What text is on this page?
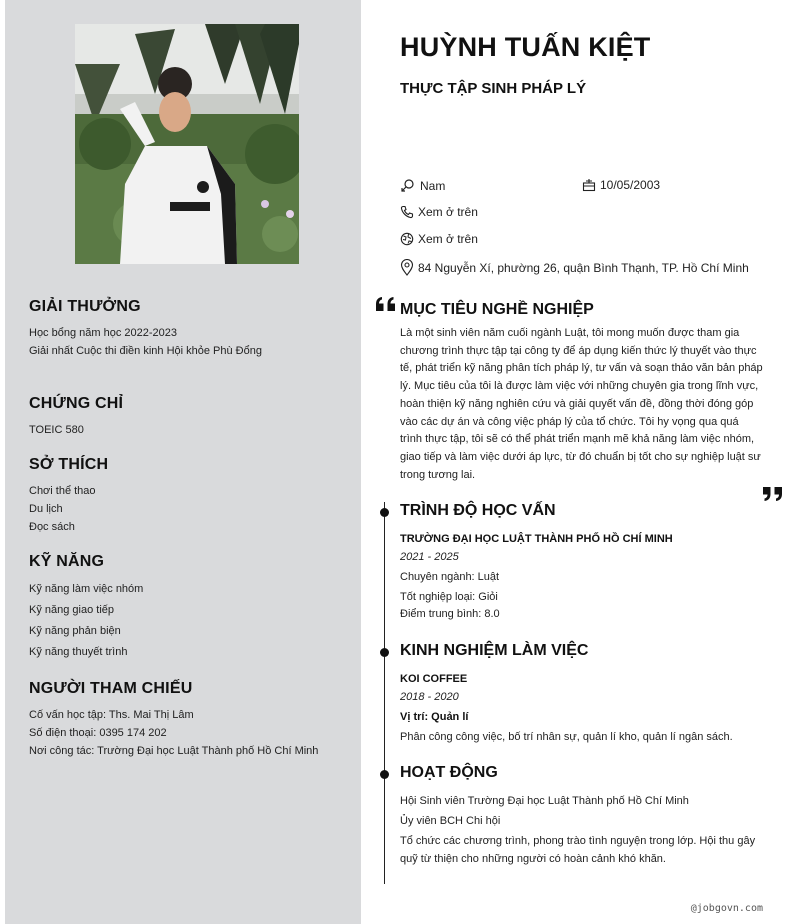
GIẢI THƯỞNG
Học bổng năm học 2022-2023
Giải nhất Cuộc thi điền kinh Hội khỏe Phù Đổng
CHỨNG CHỈ
TOEIC 580
SỞ THÍCH
Chơi thể thao
Du lịch
Đọc sách
KỸ NĂNG
Kỹ năng làm việc nhóm
Kỹ năng giao tiếp
Kỹ năng phản biện
Kỹ năng thuyết trình
NGƯỜI THAM CHIẾU
Cố vấn học tập: Ths. Mai Thị Lâm
Số điện thoại: 0395 174 202
Nơi công tác: Trường Đại học Luật Thành phố Hồ Chí Minh
HUỲNH TUẤN KIỆT
THỰC TẬP SINH PHÁP LÝ
Nam	10/05/2003
Xem ở trên
Xem ở trên
84 Nguyễn Xí, phường 26, quận Bình Thạnh, TP. Hồ Chí Minh
MỤC TIÊU NGHỀ NGHIỆP
Là một sinh viên năm cuối ngành Luật, tôi mong muốn được tham gia
chương trình thực tập tại công ty để áp dụng kiến thức lý thuyết vào thực
tế, phát triển kỹ năng phân tích pháp lý, tư vấn và soạn thảo văn bản pháp
lý. Mục tiêu của tôi là được làm việc với những chuyên gia trong lĩnh vực,
hoàn thiện kỹ năng nghiên cứu và giải quyết vấn đề, đồng thời đóng góp
vào các dự án và công việc pháp lý của tổ chức. Tôi hy vọng qua quá
trình thực tập, tôi sẽ có thể phát triển mạnh mẽ khả năng làm việc nhóm,
giao tiếp và làm việc dưới áp lực, từ đó chuẩn bị tốt cho sự nghiệp luật sư
trong tương lai.
TRÌNH ĐỘ HỌC VẤN
TRƯỜNG ĐẠI HỌC LUẬT THÀNH PHỐ HỒ CHÍ MINH
2021 - 2025
Chuyên ngành: Luật
Tốt nghiệp loại: Giỏi
Điểm trung bình: 8.0
KINH NGHIỆM LÀM VIỆC
KOI COFFEE
2018 - 2020
Vị trí: Quản lí
Phân công công việc, bố trí nhân sự, quản lí kho, quản lí ngân sách.
HOẠT ĐỘNG
Hội Sinh viên Trường Đại học Luật Thành phố Hồ Chí Minh
Ủy viên BCH Chi hội
Tổ chức các chương trình, phong trào tình nguyện trong lớp. Hội thu gây
quỹ từ thiện cho những người có hoàn cảnh khó khăn.
@jobgovn.com
